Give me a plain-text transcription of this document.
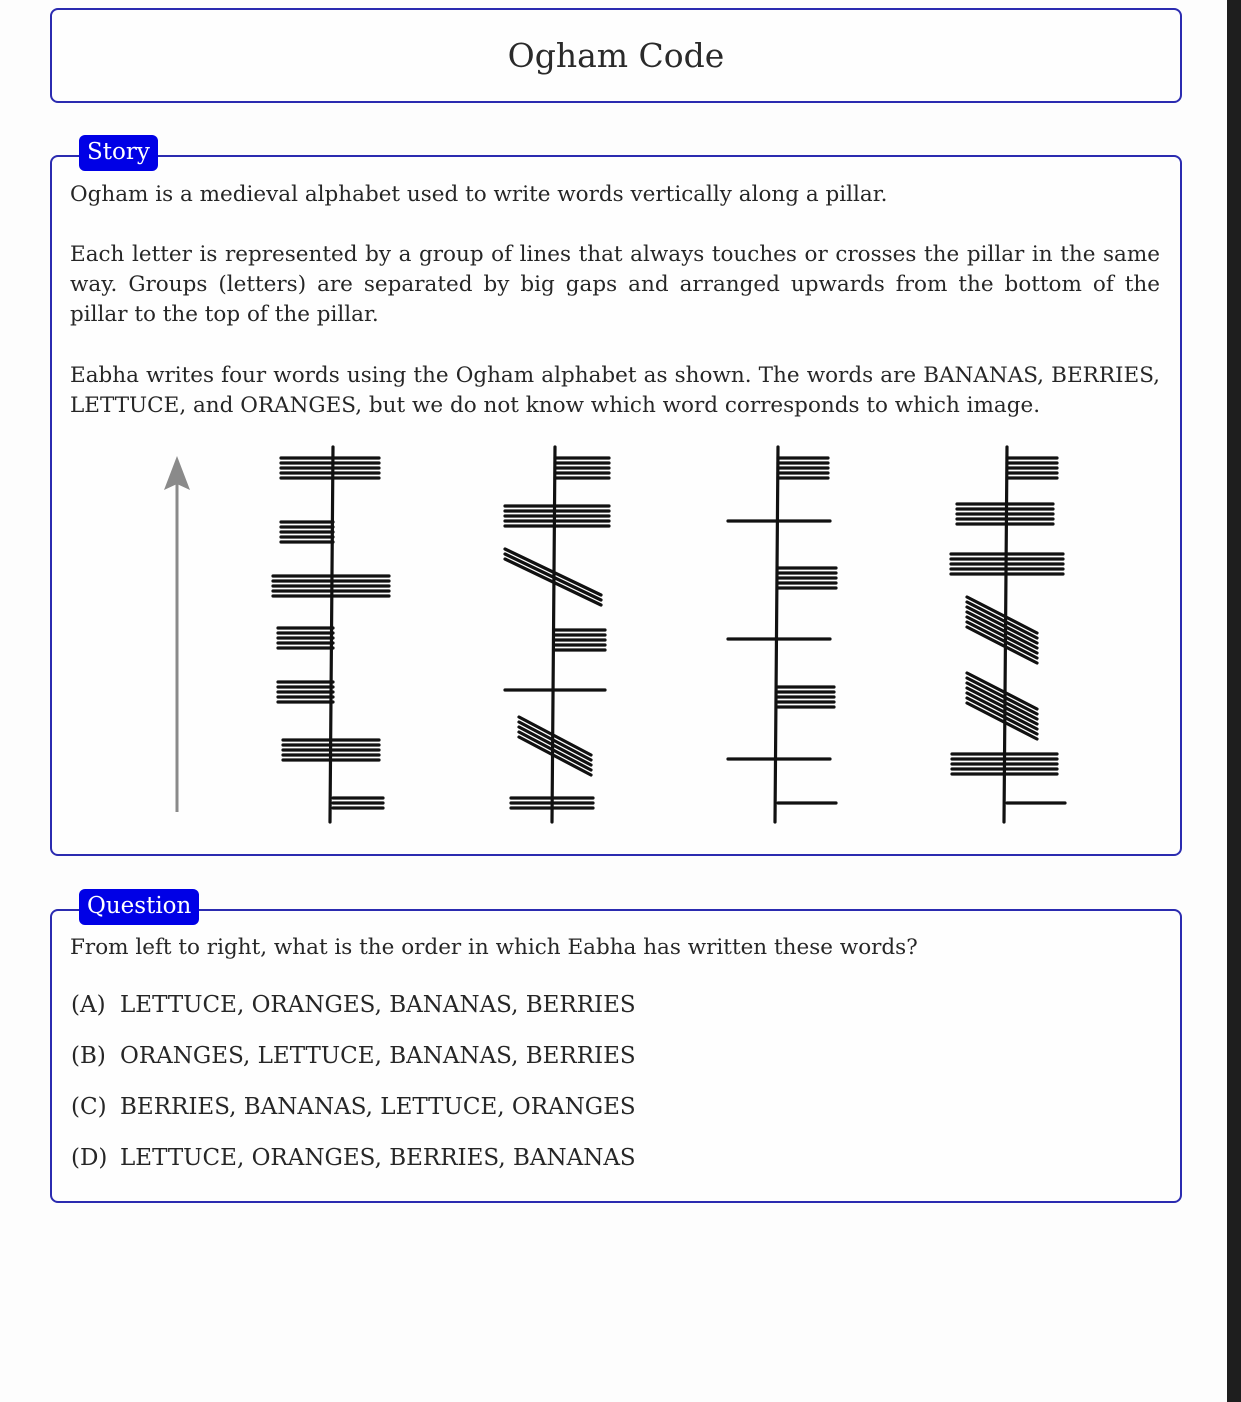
Ogham Code
Story
Ogham is a medieval alphabet used to write words vertically along a pillar.
Each letter is represented by a group of lines that always touches or crosses the pillar in the same way. Groups (letters) are separated by big gaps and arranged upwards from the bottom of the pillar to the top of the pillar.
Eabha writes four words using the Ogham alphabet as shown. The words are BANANAS, BERRIES, LETTUCE, and ORANGES, but we do not know which word corresponds to which image.
Question
From left to right, what is the order in which Eabha has written these words?
(A) LETTUCE, ORANGES, BANANAS, BERRIES
(B) ORANGES, LETTUCE, BANANAS, BERRIES
(C) BERRIES, BANANAS, LETTUCE, ORANGES
(D) LETTUCE, ORANGES, BERRIES, BANANAS
